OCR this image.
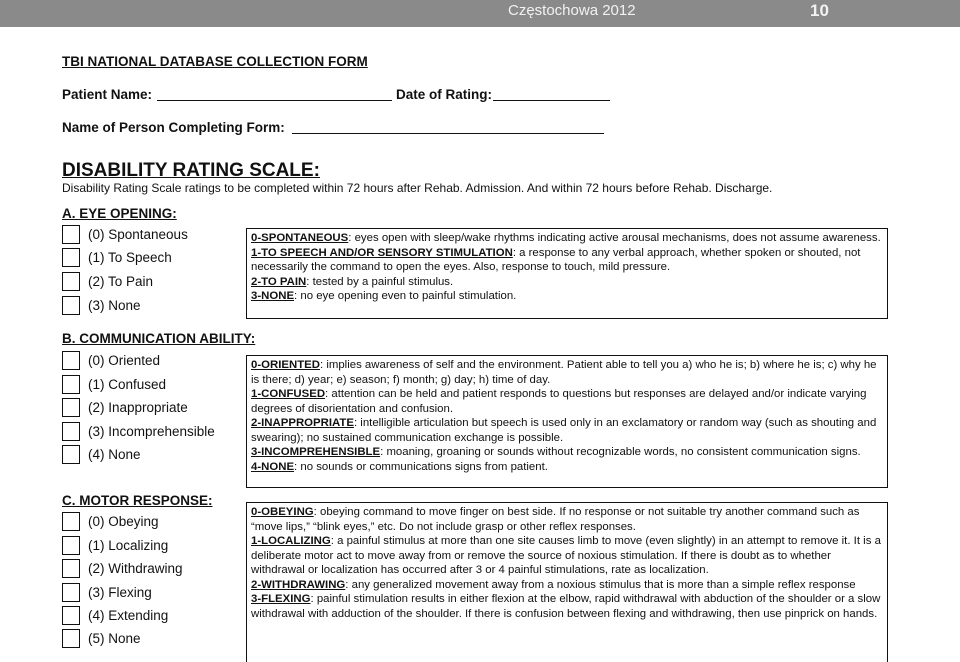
Częstochowa 2012	10
TBI NATIONAL DATABASE COLLECTION FORM
Patient Name:	Date of Rating:
Name of Person Completing Form:
DISABILITY RATING SCALE:
Disability Rating Scale ratings to be completed within 72 hours after Rehab. Admission. And within 72 hours before Rehab. Discharge.
A. EYE OPENING:
(0) Spontaneous
(1) To Speech
(2) To Pain
(3) None

0-SPONTANEOUS: eyes open with sleep/wake rhythms indicating active arousal mechanisms, does not assume awareness.

1-TO SPEECH AND/OR SENSORY STIMULATION: a response to any verbal approach, whether spoken or shouted, not necessarily the command to open the eyes. Also, response to touch, mild pressure.

2-TO PAIN: tested by a painful stimulus.

3-NONE: no eye opening even to painful stimulation.

B. COMMUNICATION ABILITY:
(0) Oriented
(1) Confused
(2) Inappropriate
(3) Incomprehensible
(4) None

0-ORIENTED: implies awareness of self and the environment. Patient able to tell you a) who he is; b) where he is; c) why he is there; d) year; e) season; f) month; g) day; h) time of day.

1-CONFUSED: attention can be held and patient responds to questions but responses are delayed and/or indicate varying degrees of disorientation and confusion.

2-INAPPROPRIATE: intelligible articulation but speech is used only in an exclamatory or random way (such as shouting and swearing); no sustained communication exchange is possible.

3-INCOMPREHENSIBLE: moaning, groaning or sounds without recognizable words, no consistent communication signs.

4-NONE: no sounds or communications signs from patient.

C. MOTOR RESPONSE:
(0) Obeying
(1) Localizing
(2) Withdrawing
(3) Flexing
(4) Extending
(5) None

0-OBEYING: obeying command to move finger on best side. If no response or not suitable try another command such as “move lips,” “blink eyes,” etc. Do not include grasp or other reflex responses.

1-LOCALIZING: a painful stimulus at more than one site causes limb to move (even slightly) in an attempt to remove it. It is a deliberate motor act to move away from or remove the source of noxious stimulation. If there is doubt as to whether withdrawal or localization has occurred after 3 or 4 painful stimulations, rate as localization.

2-WITHDRAWING: any generalized movement away from a noxious stimulus that is more than a simple reflex response

3-FLEXING: painful stimulation results in either flexion at the elbow, rapid withdrawal with abduction of the shoulder or a slow withdrawal with adduction of the shoulder. If there is confusion between flexing and withdrawing, then use pinprick on hands.
